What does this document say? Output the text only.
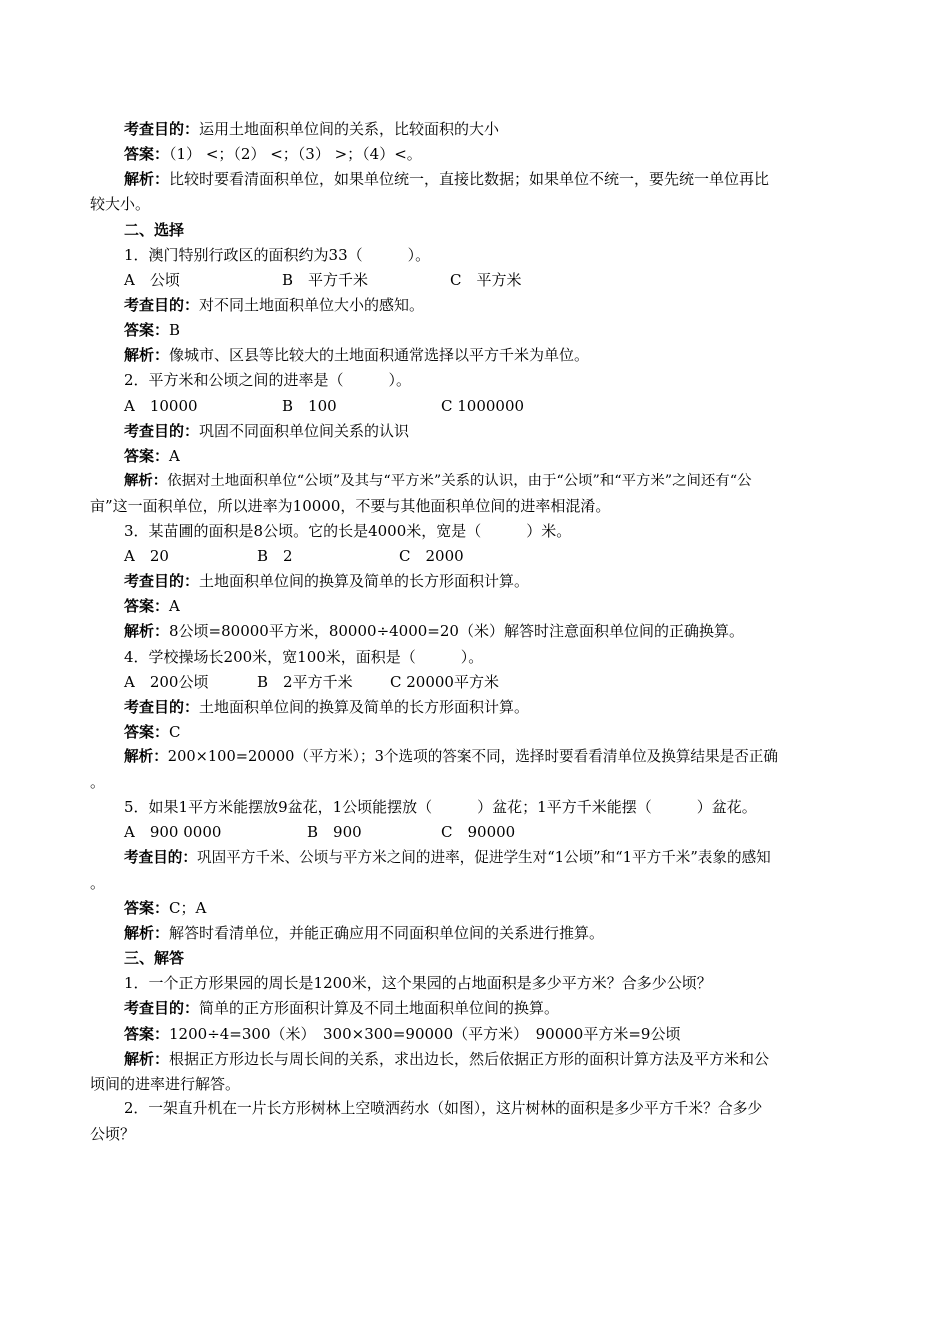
考查目的：运用土地面积单位间的关系，比较面积的大小
答案：（1） <；（2） <；（3） >；（4）<。
解析：比较时要看清面积单位，如果单位统一，直接比数据；如果单位不统一，要先统一单位再比
较大小。
二、选择
1．澳门特别行政区的面积约为33（　　　）。
A　公顷	B　平方千米	C　平方米
考查目的：对不同土地面积单位大小的感知。
答案：B
解析：像城市、区县等比较大的土地面积通常选择以平方千米为单位。
2．平方米和公顷之间的进率是（　　　）。
A　10000	B　100	C 1000000
考查目的：巩固不同面积单位间关系的认识
答案：A
解析：依据对土地面积单位“公顷”及其与“平方米”关系的认识，由于“公顷”和“平方米”之间还有“公
亩”这一面积单位，所以进率为10000，不要与其他面积单位间的进率相混淆。
3．某苗圃的面积是8公顷。它的长是4000米，宽是（　　　）米。
A　20	B　2	C　2000
考查目的：土地面积单位间的换算及简单的长方形面积计算。
答案：A
解析：8公顷=80000平方米，80000÷4000=20（米）解答时注意面积单位间的正确换算。
4．学校操场长200米，宽100米，面积是（　　　）。
A　200公顷	B　2平方千米 C 20000平方米
考查目的：土地面积单位间的换算及简单的长方形面积计算。
答案：C
解析：200×100=20000（平方米）；3个选项的答案不同，选择时要看看清单位及换算结果是否正确
。
5．如果1平方米能摆放9盆花，1公顷能摆放（　　　）盆花；1平方千米能摆（　　　）盆花。
A　900 0000	B　900	C　90000
考查目的：巩固平方千米、公顷与平方米之间的进率，促进学生对“1公顷”和“1平方千米”表象的感知
。
答案：C；A
解析：解答时看清单位，并能正确应用不同面积单位间的关系进行推算。
三、解答
1．一个正方形果园的周长是1200米，这个果园的占地面积是多少平方米？合多少公顷？
考查目的：简单的正方形面积计算及不同土地面积单位间的换算。
答案：1200÷4=300（米）　300×300=90000（平方米）　90000平方米=9公顷
解析：根据正方形边长与周长间的关系，求出边长，然后依据正方形的面积计算方法及平方米和公
顷间的进率进行解答。
2．一架直升机在一片长方形树林上空喷洒药水（如图），这片树林的面积是多少平方千米？合多少
公顷？
